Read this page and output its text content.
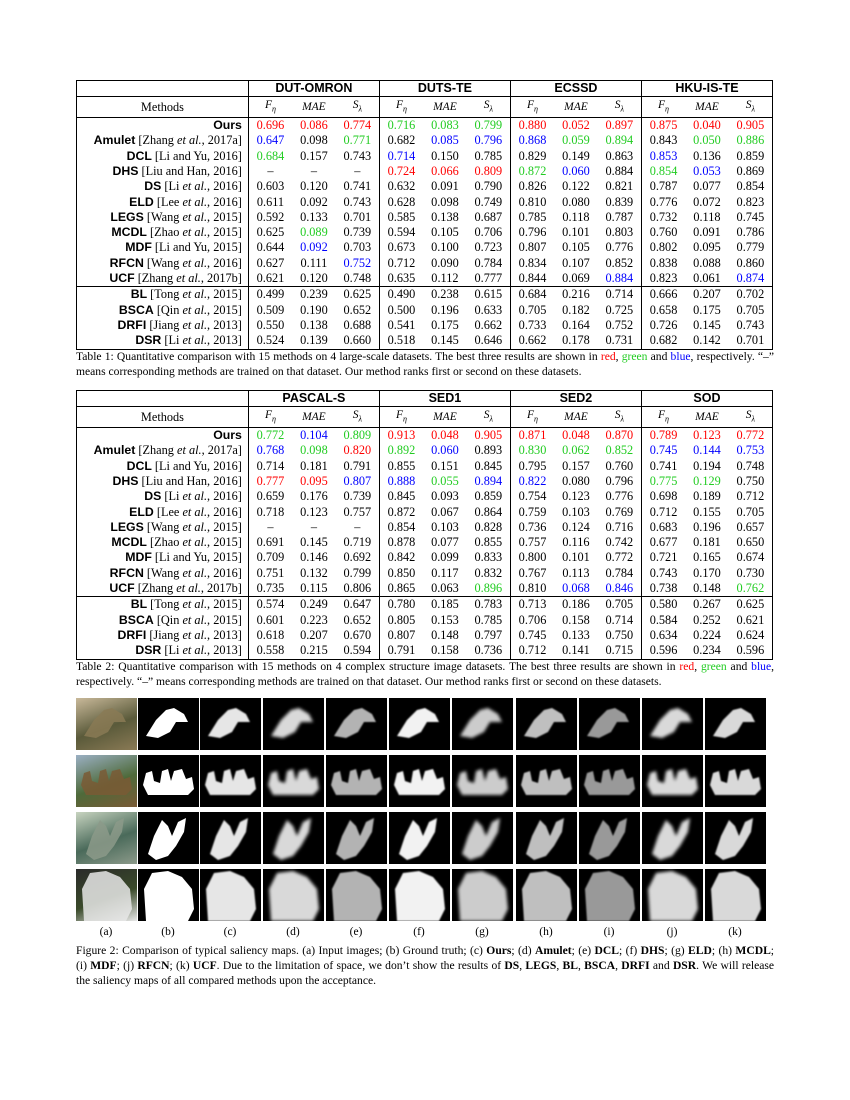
	DUT-OMRON			DUTS-TE			ECSSD			HKU-IS-TE		
Methods	$F_\eta$	MAE	$S_\lambda$	$F_\eta$	MAE	$S_\lambda$	$F_\eta$	MAE	$S_\lambda$	$F_\eta$	MAE	$S_\lambda$
Ours	0.696	0.086	0.774	0.716	0.083	0.799	0.880	0.052	0.897	0.875	0.040	0.905
Amulet [Zhang et al., 2017a]	0.647	0.098	0.771	0.682	0.085	0.796	0.868	0.059	0.894	0.843	0.050	0.886
DCL [Li and Yu, 2016]	0.684	0.157	0.743	0.714	0.150	0.785	0.829	0.149	0.863	0.853	0.136	0.859
DHS [Liu and Han, 2016]	–	–	–	0.724	0.066	0.809	0.872	0.060	0.884	0.854	0.053	0.869
DS [Li et al., 2016]	0.603	0.120	0.741	0.632	0.091	0.790	0.826	0.122	0.821	0.787	0.077	0.854
ELD [Lee et al., 2016]	0.611	0.092	0.743	0.628	0.098	0.749	0.810	0.080	0.839	0.776	0.072	0.823
LEGS [Wang et al., 2015]	0.592	0.133	0.701	0.585	0.138	0.687	0.785	0.118	0.787	0.732	0.118	0.745
MCDL [Zhao et al., 2015]	0.625	0.089	0.739	0.594	0.105	0.706	0.796	0.101	0.803	0.760	0.091	0.786
MDF [Li and Yu, 2015]	0.644	0.092	0.703	0.673	0.100	0.723	0.807	0.105	0.776	0.802	0.095	0.779
RFCN [Wang et al., 2016]	0.627	0.111	0.752	0.712	0.090	0.784	0.834	0.107	0.852	0.838	0.088	0.860
UCF [Zhang et al., 2017b]	0.621	0.120	0.748	0.635	0.112	0.777	0.844	0.069	0.884	0.823	0.061	0.874
BL [Tong et al., 2015]	0.499	0.239	0.625	0.490	0.238	0.615	0.684	0.216	0.714	0.666	0.207	0.702
BSCA [Qin et al., 2015]	0.509	0.190	0.652	0.500	0.196	0.633	0.705	0.182	0.725	0.658	0.175	0.705
DRFI [Jiang et al., 2013]	0.550	0.138	0.688	0.541	0.175	0.662	0.733	0.164	0.752	0.726	0.145	0.743
DSR [Li et al., 2013]	0.524	0.139	0.660	0.518	0.145	0.646	0.662	0.178	0.731	0.682	0.142	0.701
Table 1: Quantitative comparison with 15 methods on 4 large-scale datasets. The best three results are shown in red, green and blue, respectively. “–” means corresponding methods are trained on that dataset. Our method ranks first or second on these datasets.
	PASCAL-S			SED1			SED2			SOD		
Methods	$F_\eta$	MAE	$S_\lambda$	$F_\eta$	MAE	$S_\lambda$	$F_\eta$	MAE	$S_\lambda$	$F_\eta$	MAE	$S_\lambda$
Ours	0.772	0.104	0.809	0.913	0.048	0.905	0.871	0.048	0.870	0.789	0.123	0.772
Amulet [Zhang et al., 2017a]	0.768	0.098	0.820	0.892	0.060	0.893	0.830	0.062	0.852	0.745	0.144	0.753
DCL [Li and Yu, 2016]	0.714	0.181	0.791	0.855	0.151	0.845	0.795	0.157	0.760	0.741	0.194	0.748
DHS [Liu and Han, 2016]	0.777	0.095	0.807	0.888	0.055	0.894	0.822	0.080	0.796	0.775	0.129	0.750
DS [Li et al., 2016]	0.659	0.176	0.739	0.845	0.093	0.859	0.754	0.123	0.776	0.698	0.189	0.712
ELD [Lee et al., 2016]	0.718	0.123	0.757	0.872	0.067	0.864	0.759	0.103	0.769	0.712	0.155	0.705
LEGS [Wang et al., 2015]	–	–	–	0.854	0.103	0.828	0.736	0.124	0.716	0.683	0.196	0.657
MCDL [Zhao et al., 2015]	0.691	0.145	0.719	0.878	0.077	0.855	0.757	0.116	0.742	0.677	0.181	0.650
MDF [Li and Yu, 2015]	0.709	0.146	0.692	0.842	0.099	0.833	0.800	0.101	0.772	0.721	0.165	0.674
RFCN [Wang et al., 2016]	0.751	0.132	0.799	0.850	0.117	0.832	0.767	0.113	0.784	0.743	0.170	0.730
UCF [Zhang et al., 2017b]	0.735	0.115	0.806	0.865	0.063	0.896	0.810	0.068	0.846	0.738	0.148	0.762
BL [Tong et al., 2015]	0.574	0.249	0.647	0.780	0.185	0.783	0.713	0.186	0.705	0.580	0.267	0.625
BSCA [Qin et al., 2015]	0.601	0.223	0.652	0.805	0.153	0.785	0.706	0.158	0.714	0.584	0.252	0.621
DRFI [Jiang et al., 2013]	0.618	0.207	0.670	0.807	0.148	0.797	0.745	0.133	0.750	0.634	0.224	0.624
DSR [Li et al., 2013]	0.558	0.215	0.594	0.791	0.158	0.736	0.712	0.141	0.715	0.596	0.234	0.596
Table 2: Quantitative comparison with 15 methods on 4 complex structure image datasets. The best three results are shown in red, green and blue, respectively. “–” means corresponding methods are trained on that dataset. Our method ranks first or second on these datasets.
(a)	(b)	(c)	(d)	(e)	(f)	(g)	(h)	(i)	(j)	(k)
Figure 2: Comparison of typical saliency maps. (a) Input images; (b) Ground truth; (c) Ours; (d) Amulet; (e) DCL; (f) DHS; (g) ELD; (h) MCDL; (i) MDF; (j) RFCN; (k) UCF. Due to the limitation of space, we don’t show the results of DS, LEGS, BL, BSCA, DRFI and DSR. We will release the saliency maps of all compared methods upon the acceptance.
